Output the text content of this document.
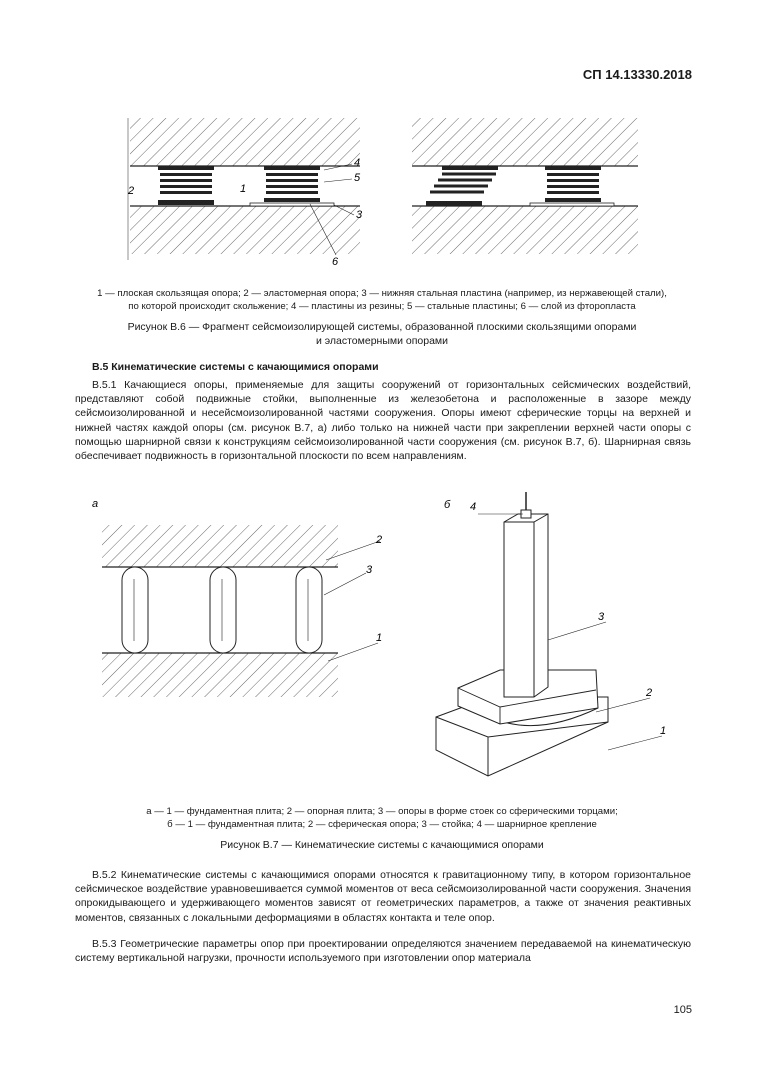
СП 14.13330.2018
4
5
3
6
2	1
1 — плоская скользящая опора; 2 — эластомерная опора; 3 — нижняя стальная пластина (например, из нержавеющей стали),
по которой происходит скольжение; 4 — пластины из резины; 5 — стальные пластины; 6 — слой из фторопласта
Рисунок В.6 — Фрагмент сейсмоизолирующей системы, образованной плоскими скользящими опорами
и эластомерными опорами
В.5 Кинематические системы с качающимися опорами
В.5.1 Качающиеся опоры, применяемые для защиты сооружений от горизонтальных сейсмических воздействий, представляют собой подвижные стойки, выполненные из железобетона и расположенные в зазоре между сейсмоизолированной и несейсмоизолированной частями сооружения. Опоры имеют сферические торцы на верхней и нижней частях каждой опоры (см. рисунок В.7, а) либо только на нижней части при закреплении верхней части опоры с помощью шарнирной связи к конструкциям сейсмоизолированной части сооружения (см. рисунок В.7, б). Шарнирная связь обеспечивает подвижность в горизонтальной плоскости по всем направлениям.
а
2
3
1
б 4
3
2
1
а — 1 — фундаментная плита; 2 — опорная плита; 3 — опоры в форме стоек со сферическими торцами;
б — 1 — фундаментная плита; 2 — сферическая опора; 3 — стойка; 4 — шарнирное крепление
Рисунок В.7 — Кинематические системы с качающимися опорами
В.5.2 Кинематические системы с качающимися опорами относятся к гравитационному типу, в котором горизонтальное сейсмическое воздействие уравновешивается суммой моментов от веса сейсмоизолированной части сооружения. Значения опрокидывающего и удерживающего моментов зависят от геометрических параметров, а также от значения реактивных моментов, связанных с локальными деформациями в областях контакта и теле опор.
В.5.3 Геометрические параметры опор при проектировании определяются значением передаваемой на кинематическую систему вертикальной нагрузки, прочности используемого при изготовлении опор материала
105
